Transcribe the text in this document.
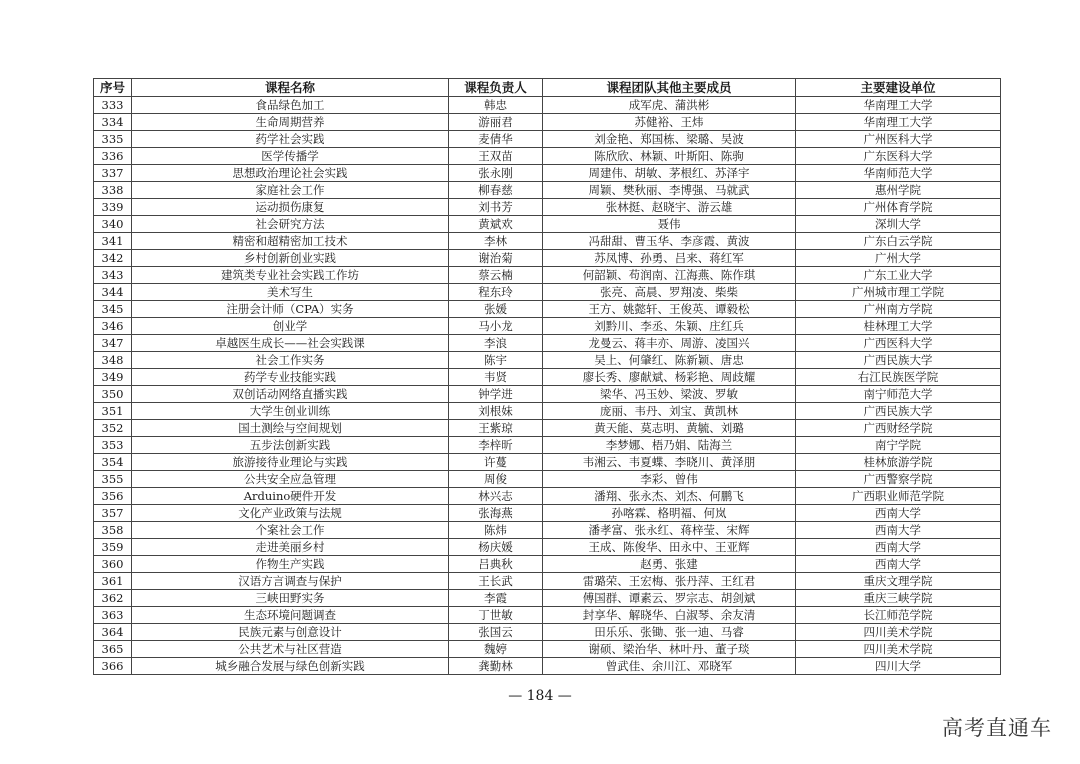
序号	课程名称	课程负责人	课程团队其他主要成员	主要建设单位
333	食品绿色加工	韩忠	成军虎、蒲洪彬	华南理工大学
334	生命周期营养	游丽君	苏健裕、王炜	华南理工大学
335	药学社会实践	麦倩华	刘金艳、郑国栋、梁璐、吴波	广州医科大学
336	医学传播学	王双苗	陈欣欣、林颖、叶斯阳、陈驹	广东医科大学
337	思想政治理论社会实践	张永刚	周建伟、胡敏、茅根红、苏泽宇	华南师范大学
338	家庭社会工作	柳春慈	周颖、樊秋丽、李博强、马就武	惠州学院
339	运动损伤康复	刘书芳	张林挺、赵晓宇、游云雄	广州体育学院
340	社会研究方法	黄斌欢	聂伟	深圳大学
341	精密和超精密加工技术	李林	冯甜甜、曹玉华、李彦霞、黄波	广东白云学院
342	乡村创新创业实践	谢治菊	苏凤博、孙勇、吕来、蒋红军	广州大学
343	建筑类专业社会实践工作坊	蔡云楠	何韶颖、苟润南、江海燕、陈作琪	广东工业大学
344	美术写生	程东玲	张亮、高晨、罗翔凌、柴柴	广州城市理工学院
345	注册会计师（CPA）实务	张媛	王方、姚懿轩、王俊英、谭毅松	广州南方学院
346	创业学	马小龙	刘黔川、李丞、朱颖、庄红兵	桂林理工大学
347	卓越医生成长——社会实践课	李浪	龙曼云、蒋丰亦、周游、凌国兴	广西医科大学
348	社会工作实务	陈宇	吴上、何肇红、陈新颖、唐忠	广西民族大学
349	药学专业技能实践	韦贤	廖长秀、廖献斌、杨彩艳、周歧耀	右江民族医学院
350	双创话动网络直播实践	钟学进	梁华、冯玉妙、梁波、罗敏	南宁师范大学
351	大学生创业训练	刘根妹	庞丽、韦丹、刘宝、黄凯林	广西民族大学
352	国土测绘与空间规划	王紫琼	黄天能、莫志明、黄毓、刘璐	广西财经学院
353	五步法创新实践	李梓昕	李梦娜、梧乃娟、陆海兰	南宁学院
354	旅游接待业理论与实践	许蔓	韦湘云、韦夏蝶、李晓川、黄泽朋	桂林旅游学院
355	公共安全应急管理	周俊	李彩、曾伟	广西警察学院
356	Arduino硬件开发	林兴志	潘翔、张永杰、刘杰、何鹏飞	广西职业师范学院
357	文化产业政策与法规	张海燕	孙喀霖、格明福、何岚	西南大学
358	个案社会工作	陈炜	潘孝富、张永红、蒋梓莹、宋辉	西南大学
359	走进美丽乡村	杨庆媛	王成、陈俊华、田永中、王亚辉	西南大学
360	作物生产实践	吕典秋	赵勇、张建	西南大学
361	汉语方言调查与保护	王长武	雷璐荣、王宏梅、张丹萍、王红君	重庆文理学院
362	三峡田野实务	李霞	傅国群、谭素云、罗宗志、胡剑斌	重庆三峡学院
363	生态环境问题调查	丁世敏	封享华、解晓华、白淑琴、余友清	长江师范学院
364	民族元素与创意设计	张国云	田乐乐、张锄、张一迪、马睿	四川美术学院
365	公共艺术与社区营造	魏婷	谢硕、梁治华、林叶丹、董子琰	四川美术学院
366	城乡融合发展与绿色创新实践	龚勤林	曾武佳、余川江、邓晓军	四川大学
— 184 —
高考直通车
